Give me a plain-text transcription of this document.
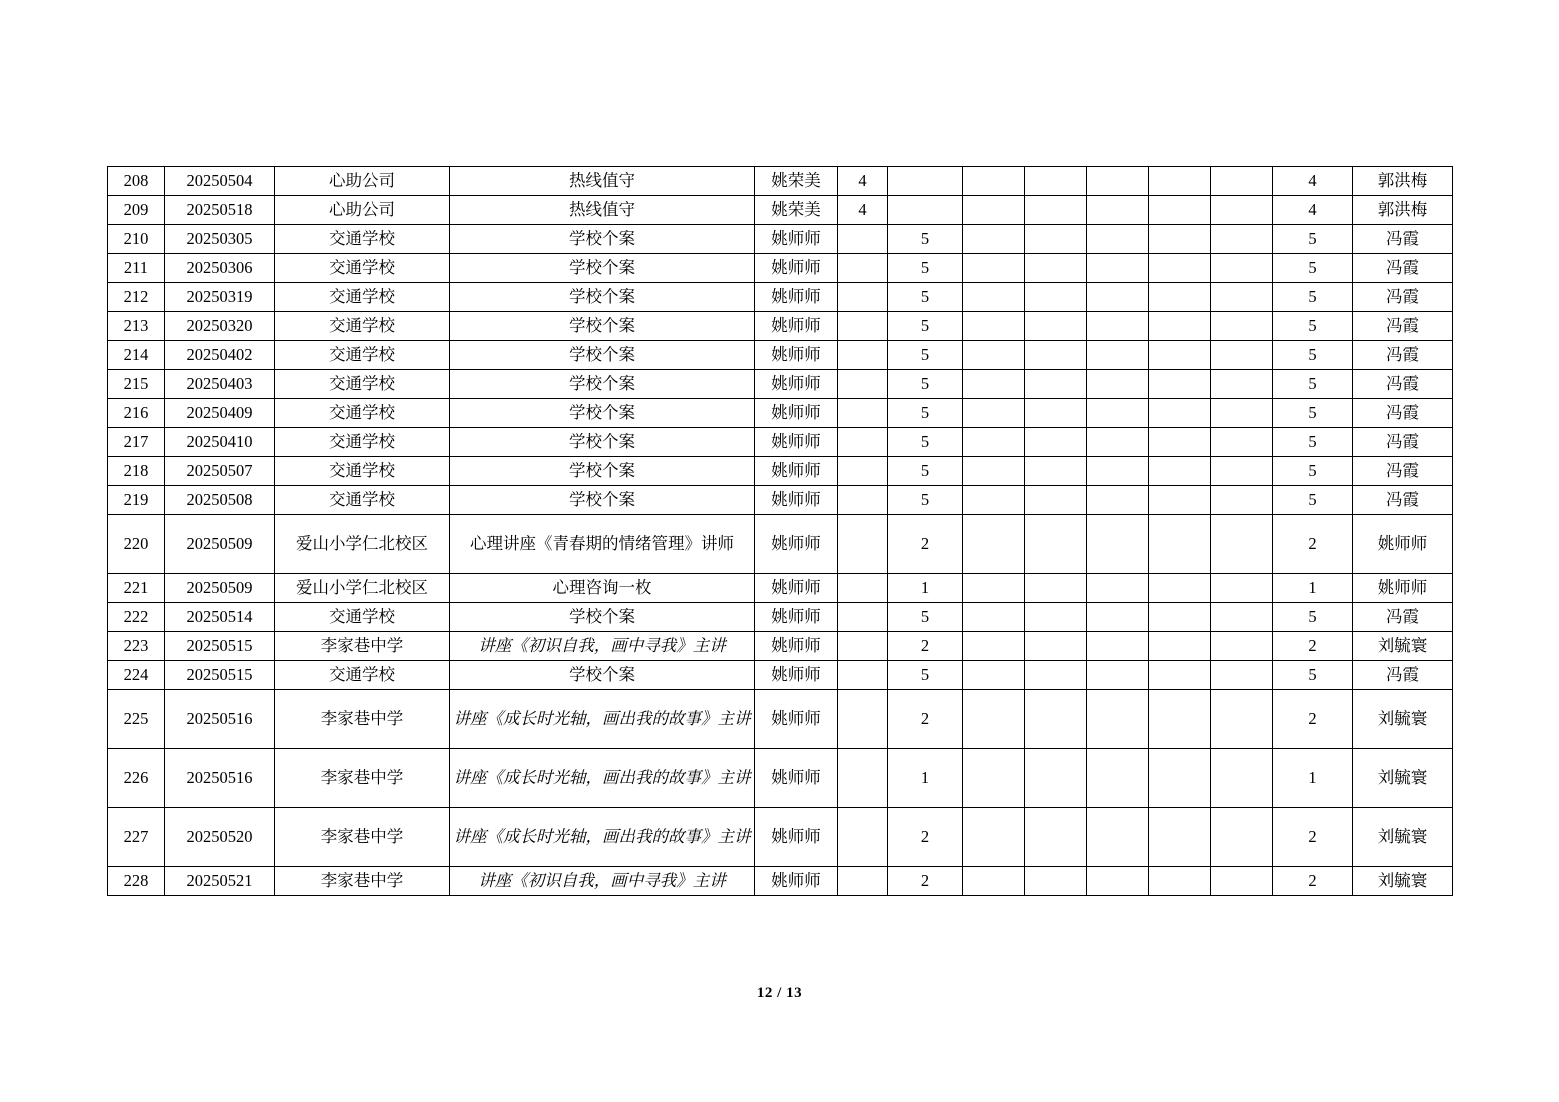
208	20250504	心助公司	热线值守	姚荣美	4							4	郭洪梅
209	20250518	心助公司	热线值守	姚荣美	4							4	郭洪梅
210	20250305	交通学校	学校个案	姚师师		5						5	冯霞
211	20250306	交通学校	学校个案	姚师师		5						5	冯霞
212	20250319	交通学校	学校个案	姚师师		5						5	冯霞
213	20250320	交通学校	学校个案	姚师师		5						5	冯霞
214	20250402	交通学校	学校个案	姚师师		5						5	冯霞
215	20250403	交通学校	学校个案	姚师师		5						5	冯霞
216	20250409	交通学校	学校个案	姚师师		5						5	冯霞
217	20250410	交通学校	学校个案	姚师师		5						5	冯霞
218	20250507	交通学校	学校个案	姚师师		5						5	冯霞
219	20250508	交通学校	学校个案	姚师师		5						5	冯霞
220	20250509	爱山小学仁北校区	心理讲座《青春期的情绪管理》讲师	姚师师		2						2	姚师师
221	20250509	爱山小学仁北校区	心理咨询一枚	姚师师		1						1	姚师师
222	20250514	交通学校	学校个案	姚师师		5						5	冯霞
223	20250515	李家巷中学	讲座《初识自我，画中寻我》主讲	姚师师		2						2	刘毓寰
224	20250515	交通学校	学校个案	姚师师		5						5	冯霞
225	20250516	李家巷中学	讲座《成长时光轴，画出我的故事》主讲	姚师师		2						2	刘毓寰
226	20250516	李家巷中学	讲座《成长时光轴，画出我的故事》主讲	姚师师		1						1	刘毓寰
227	20250520	李家巷中学	讲座《成长时光轴，画出我的故事》主讲	姚师师		2						2	刘毓寰
228	20250521	李家巷中学	讲座《初识自我，画中寻我》主讲	姚师师		2						2	刘毓寰
12 / 13
